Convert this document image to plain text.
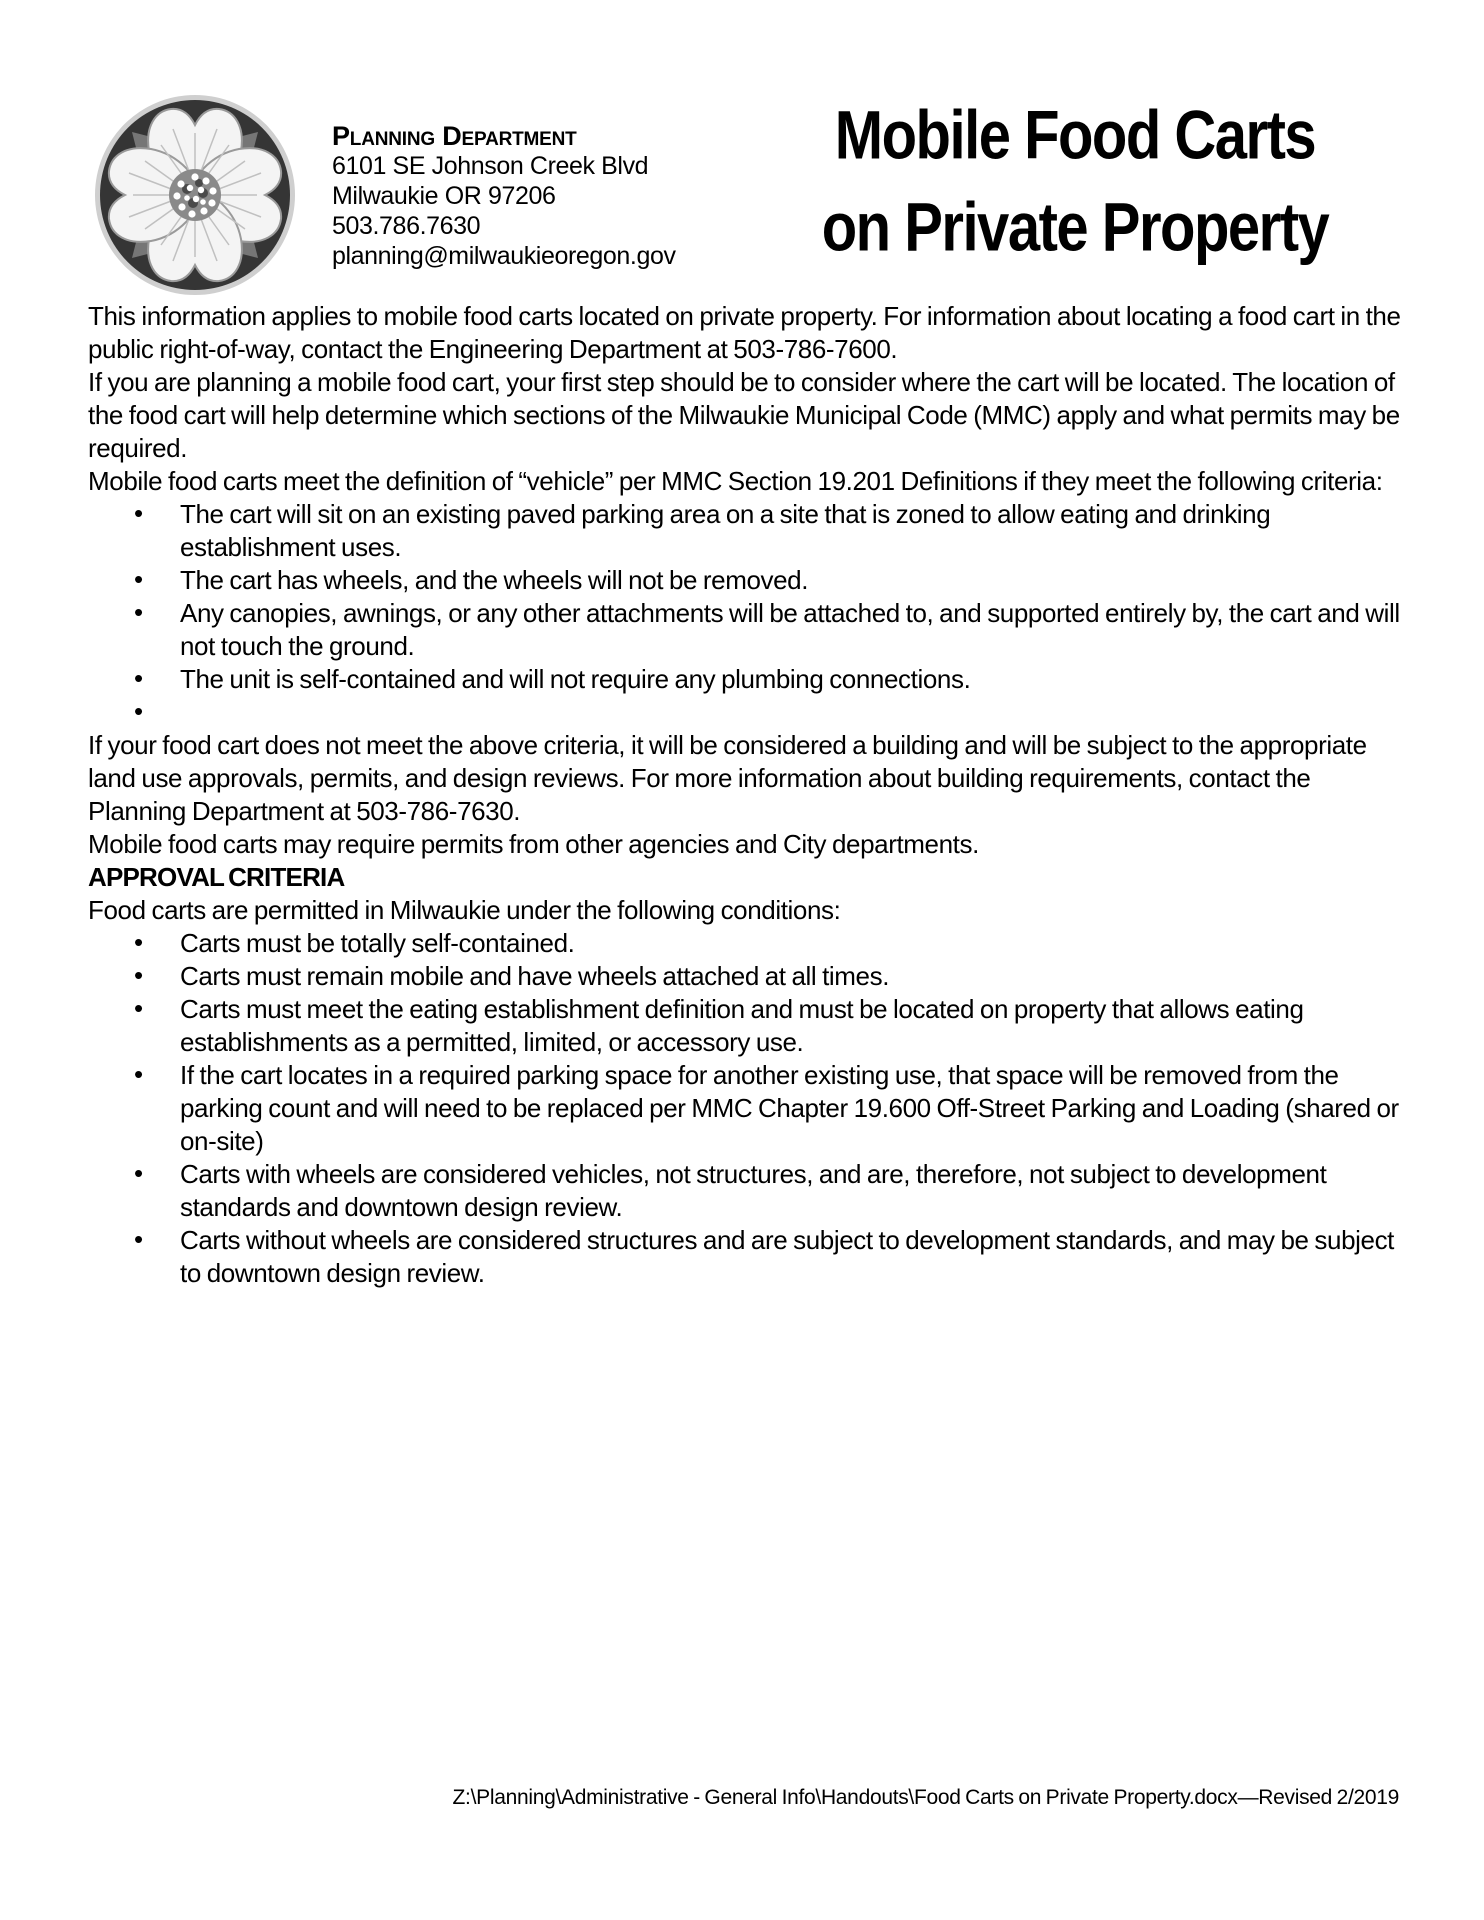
Planning Department
6101 SE Johnson Creek Blvd
Milwaukie OR 97206
503.786.7630
planning@milwaukieoregon.gov
Mobile Food Carts
on Private Property

This information applies to mobile food carts located on private property. For information about locating a food cart in the public right-of-way, contact the Engineering Department at 503-786-7600.

If you are planning a mobile food cart, your first step should be to consider where the cart will be located. The location of the food cart will help determine which sections of the Milwaukie Municipal Code (MMC) apply and what permits may be required.

Mobile food carts meet the definition of “vehicle” per MMC Section 19.201 Definitions if they meet the following criteria:

• The cart will sit on an existing paved parking area on a site that is zoned to allow eating and drinking establishment uses.
• The cart has wheels, and the wheels will not be removed.
• Any canopies, awnings, or any other attachments will be attached to, and supported entirely by, the cart and will not touch the ground.
• The unit is self-contained and will not require any plumbing connections.
•

If your food cart does not meet the above criteria, it will be considered a building and will be subject to the appropriate land use approvals, permits, and design reviews. For more information about building requirements, contact the Planning Department at 503-786-7630.

Mobile food carts may require permits from other agencies and City departments.

APPROVAL CRITERIA

Food carts are permitted in Milwaukie under the following conditions:

• Carts must be totally self-contained.
• Carts must remain mobile and have wheels attached at all times.
• Carts must meet the eating establishment definition and must be located on property that allows eating establishments as a permitted, limited, or accessory use.
• If the cart locates in a required parking space for another existing use, that space will be removed from the parking count and will need to be replaced per MMC Chapter 19.600 Off-Street Parking and Loading (shared or on-site)
• Carts with wheels are considered vehicles, not structures, and are, therefore, not subject to development standards and downtown design review.
• Carts without wheels are considered structures and are subject to development standards, and may be subject to downtown design review.
Z:\Planning\Administrative - General Info\Handouts\Food Carts on Private Property.docx—Revised 2/2019
